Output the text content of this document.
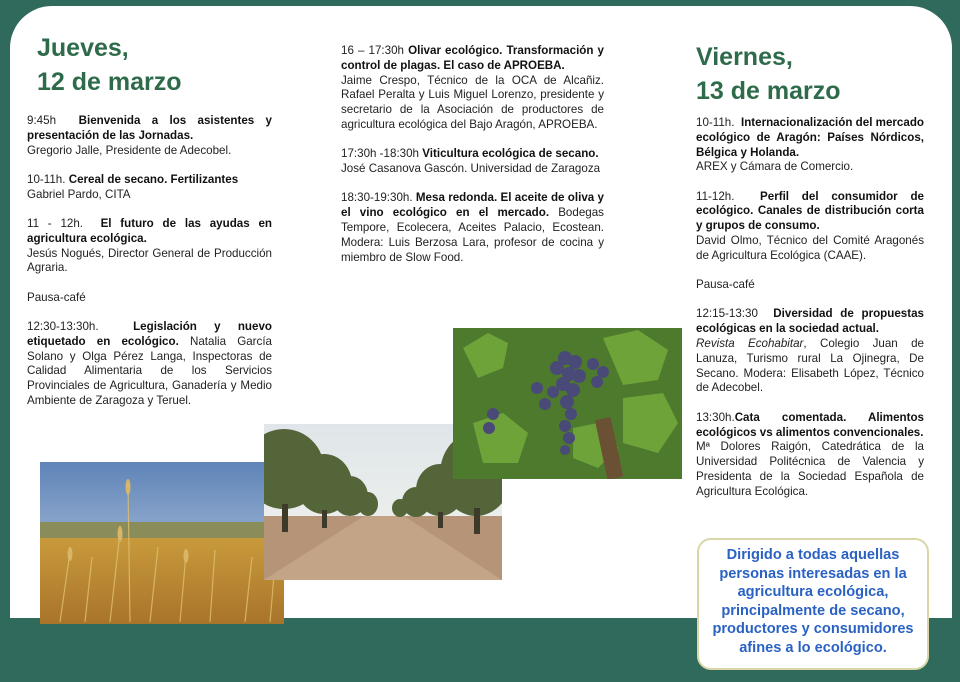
Jueves,
12 de marzo

9:45h Bienvenida a los asistentes y presentación de las Jornadas.
Gregorio Jalle, Presidente de Adecobel.

10-11h. Cereal de secano. Fertilizantes
Gabriel Pardo, CITA

11 - 12h. El futuro de las ayudas en agricultura ecológica.
Jesús Nogués, Director General de Producción Agraria.

Pausa-café

12:30-13:30h.	Legislación y nuevo etiquetado en ecológico. Natalia García Solano y Olga Pérez Langa, Inspectoras de Calidad Alimentaria de los Servicios Provinciales de Agricultura, Ganadería y Medio Ambiente de Zaragoza y Teruel.

16 – 17:30h Olivar ecológico. Transformación y control de plagas. El caso de APROEBA.
Jaime Crespo, Técnico de la OCA de Alcañiz. Rafael Peralta y Luis Miguel Lorenzo, presidente y secretario de la Asociación de productores de agricultura ecológica del Bajo Aragón, APROEBA.

17:30h -18:30h Viticultura ecológica de secano.
José Casanova Gascón. Universidad de Zaragoza

18:30-19:30h. Mesa redonda. El aceite de oliva y el vino ecológico en el mercado. Bodegas Tempore, Ecolecera, Aceites Palacio, Ecostean. Modera: Luis Berzosa Lara, profesor de cocina y miembro de Slow Food.

Viernes,
13 de marzo

10-11h. Internacionalización del mercado ecológico de Aragón: Países Nórdicos, Bélgica y Holanda.
AREX y Cámara de Comercio.

11-12h. Perfil del consumidor de ecológico. Canales de distribución corta y grupos de consumo.
David Olmo, Técnico del Comité Aragonés de Agricultura Ecológica (CAAE).

Pausa-café

12:15-13:30 Diversidad de propuestas ecológicas en la sociedad actual.
Revista Ecohabitar, Colegio Juan de Lanuza, Turismo rural La Ojinegra, De Secano. Modera: Elisabeth López, Técnico de Adecobel.

13:30h.Cata comentada. Alimentos ecológicos vs alimentos convencionales.
Mª Dolores Raigón, Catedrática de la Universidad Politécnica de Valencia y Presidenta de la Sociedad Española de Agricultura Ecológica.

Dirigido a todas aquellas personas interesadas en la agricultura ecológica, principalmente de secano, productores y consumidores afines a lo ecológico.
